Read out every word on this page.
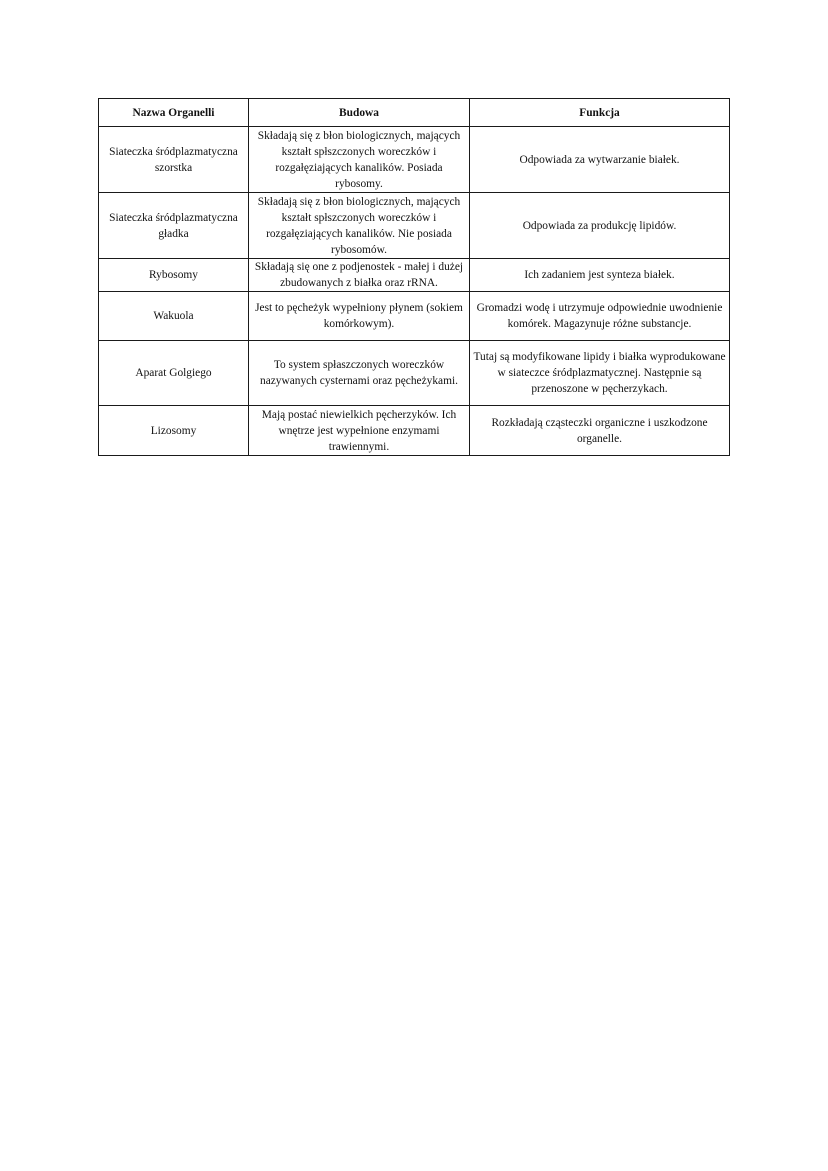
Nazwa Organelli	Budowa	Funkcja
Siateczka śródplazmatyczna szorstka	Składają się z błon biologicznych, mających kształt spłszczonych woreczków i rozgałęziających kanalików. Posiada rybosomy.	Odpowiada za wytwarzanie białek.
Siateczka śródplazmatyczna gładka	Składają się z błon biologicznych, mających kształt spłszczonych woreczków i rozgałęziających kanalików. Nie posiada rybosomów.	Odpowiada za produkcję lipidów.
Rybosomy	Składają się one z podjenostek - małej i dużej zbudowanych z białka oraz rRNA.	Ich zadaniem jest synteza białek.
Wakuola	Jest to pęcheżyk wypełniony płynem (sokiem komórkowym).	Gromadzi wodę i utrzymuje odpowiednie uwodnienie komórek. Magazynuje różne substancje.
Aparat Golgiego	To system spłaszczonych woreczków nazywanych cysternami oraz pęcheżykami.	Tutaj są modyfikowane lipidy i białka wyprodukowane w siateczce śródplazmatycznej. Następnie są przenoszone w pęcherzykach.
Lizosomy	Mają postać niewielkich pęcherzyków. Ich wnętrze jest wypełnione enzymami trawiennymi.	Rozkładają cząsteczki organiczne i uszkodzone organelle.
